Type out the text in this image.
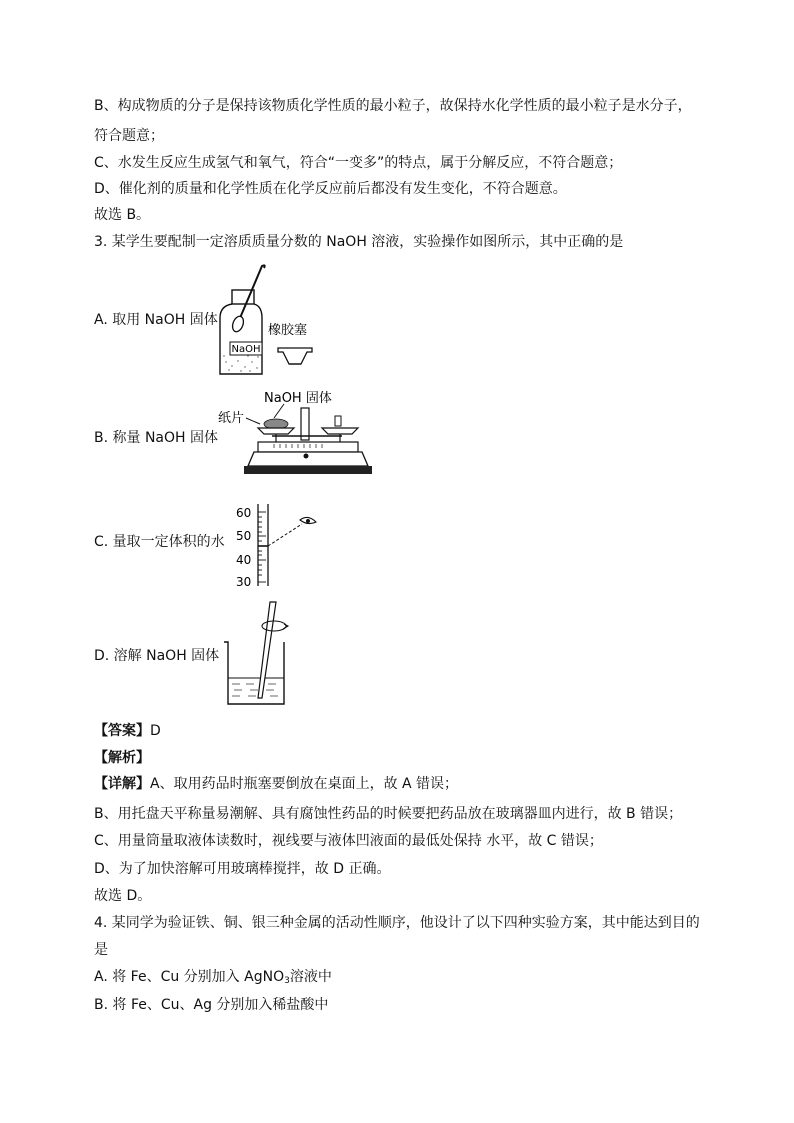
B、构成物质的分子是保持该物质化学性质的最小粒子，故保持水化学性质的最小粒子是水分子，
符合题意；
C、水发生反应生成氢气和氧气，符合“一变多”的特点，属于分解反应，不符合题意；
D、催化剂的质量和化学性质在化学反应前后都没有发生变化，不符合题意。
故选 B。
3. 某学生要配制一定溶质质量分数的 NaOH 溶液，实验操作如图所示，其中正确的是
A. 取用 NaOH 固体
NaOH
橡胶塞
B. 称量 NaOH 固体
NaOH 固体
纸片
C. 量取一定体积的水
60
50
40
30
D. 溶解 NaOH 固体
【答案】D
【解析】
【详解】A、取用药品时瓶塞要倒放在桌面上，故 A 错误；
B、用托盘天平称量易潮解、具有腐蚀性药品的时候要把药品放在玻璃器皿内进行，故 B 错误；
C、用量筒量取液体读数时，视线要与液体凹液面的最低处保持 水平，故 C 错误；
D、为了加快溶解可用玻璃棒搅拌，故 D 正确。
故选 D。
4. 某同学为验证铁、铜、银三种金属的活动性顺序，他设计了以下四种实验方案，其中能达到目的
是
A. 将 Fe、Cu 分别加入 AgNO$_3$溶液中
B. 将 Fe、Cu、Ag 分别加入稀盐酸中
